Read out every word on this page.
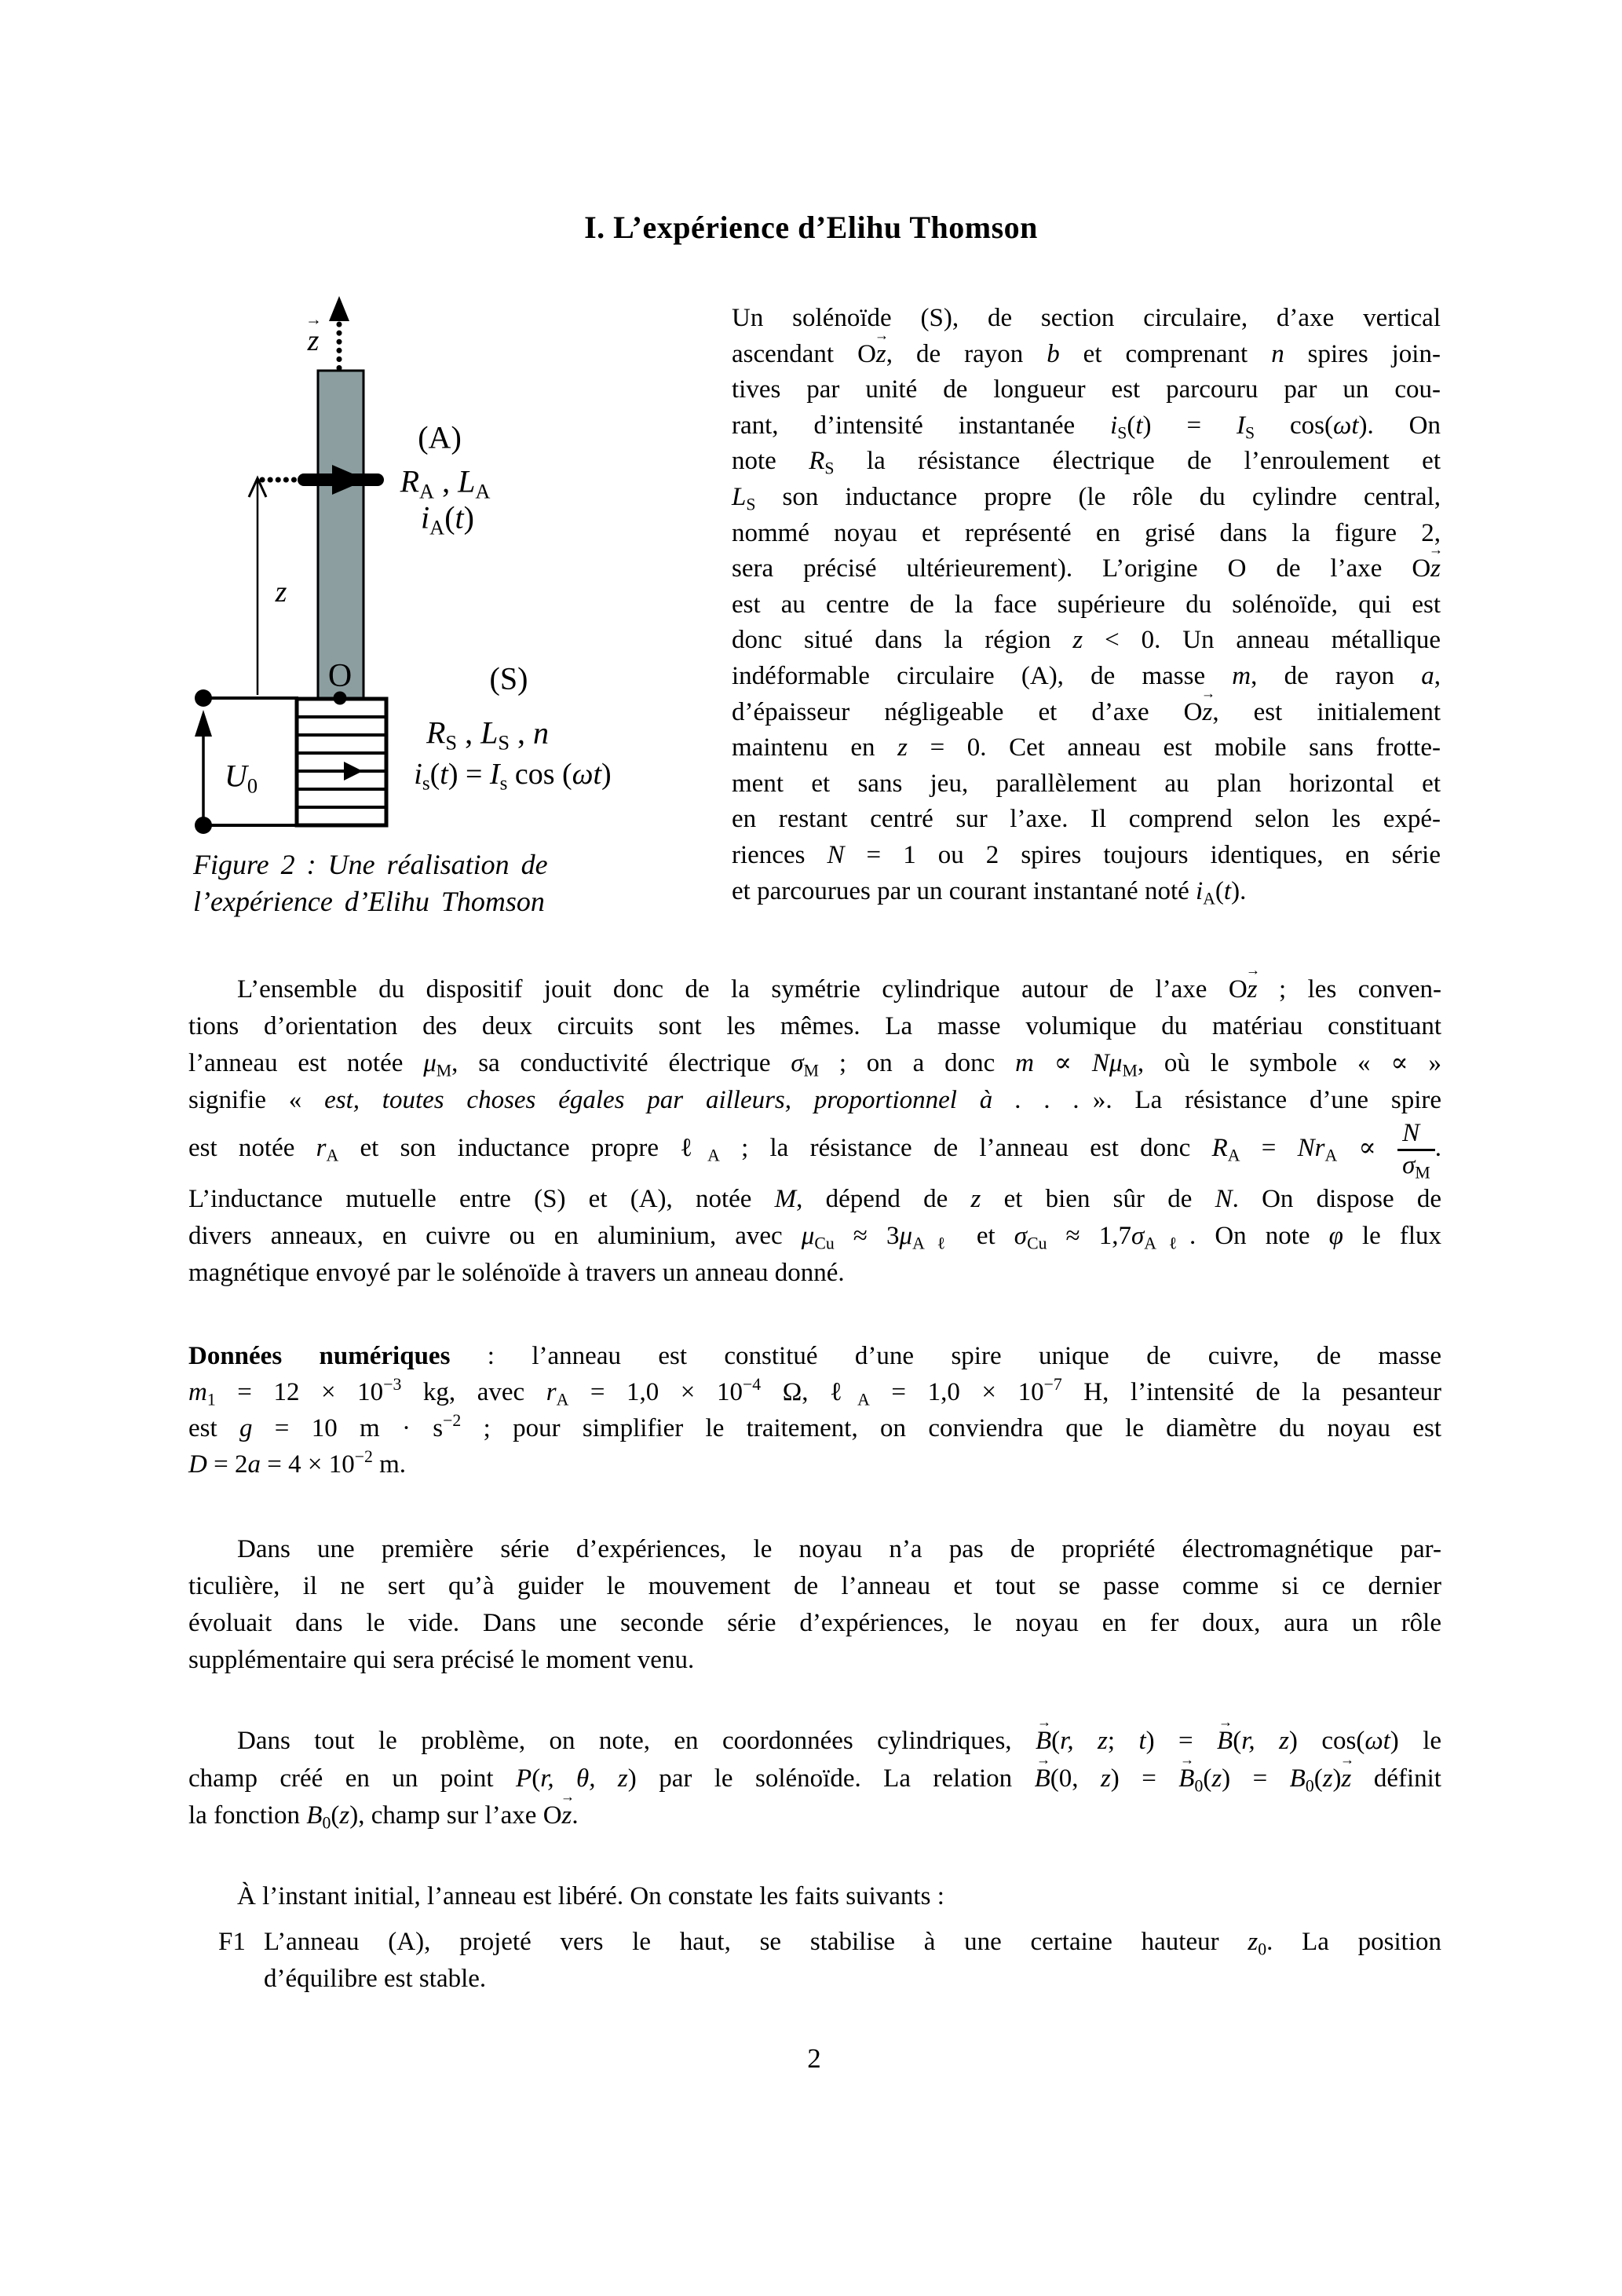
I. L’expérience d’Elihu Thomson
→ z
(A)
$R_A$ , $L_A$
$i_A(t)$
z
O
$U_0$
(S)
$R_S$ , $L_S$ , n
$i_s(t) = I_s$ cos (ωt)
Figure 2 : Une réalisation de
l’expérience d’Elihu Thomson
Un solénoïde (S), de section circulaire, d’axe vertical
ascendant O→ z, de rayon b et comprenant n spires join-
tives par unité de longueur est parcouru par un cou-
rant, d’intensité instantanée $i_S(t) = I_S$ cos(ωt). On
note $R_S$ la résistance électrique de l’enroulement et
$L_S$ son inductance propre (le rôle du cylindre central,
nommé noyau et représenté en grisé dans la figure 2,
sera précisé ultérieurement). L’origine O de l’axe O→ z
est au centre de la face supérieure du solénoïde, qui est
donc situé dans la région z < 0. Un anneau métallique
indéformable circulaire (A), de masse m, de rayon a,
d’épaisseur négligeable et d’axe O→ z, est initialement
maintenu en z = 0. Cet anneau est mobile sans frotte-
ment et sans jeu, parallèlement au plan horizontal et
en restant centré sur l’axe. Il comprend selon les expé-
riences N = 1 ou 2 spires toujours identiques, en série
et parcourues par un courant instantané noté $i_A(t)$.
L’ensemble du dispositif jouit donc de la symétrie cylindrique autour de l’axe O→ z ; les conven-
tions d’orientation des deux circuits sont les mêmes. La masse volumique du matériau constituant
l’anneau est notée $\mu_M$, sa conductivité électrique $\sigma_M$ ; on a donc $m \propto N\mu_M$, où le symbole « ∝ »
signifie « est, toutes choses égales par ailleurs, proportionnel à . . . ». La résistance d’une spire
est notée $r_A$ et son inductance propre ℓ$_A$ ; la résistance de l’anneau est donc $R_A = Nr_A \propto \frac{N}{\sigma_M}$ .
L’inductance mutuelle entre (S) et (A), notée M, dépend de z et bien sûr de N. On dispose de
divers anneaux, en cuivre ou en aluminium, avec $\mu_{Cu} \approx 3\mu_{A\ell}$ et $\sigma_{Cu} \approx 1,7\sigma_{A\ell}$. On note φ le flux
magnétique envoyé par le solénoïde à travers un anneau donné.
Données numériques : l’anneau est constitué d’une spire unique de cuivre, de masse
$m_1 = 12 \times 10^{-3}$ kg, avec $r_A = 1,0 \times 10^{-4}$ Ω, ℓ$_A$ = $1,0 \times 10^{-7}$ H, l’intensité de la pesanteur
est g = 10 $m \cdot s^{-2}$ ; pour simplifier le traitement, on conviendra que le diamètre du noyau est
$D = 2a = 4 \times 10^{-2}$ m.
Dans une première série d’expériences, le noyau n’a pas de propriété électromagnétique par-
ticulière, il ne sert qu’à guider le mouvement de l’anneau et tout se passe comme si ce dernier
évoluait dans le vide. Dans une seconde série d’expériences, le noyau en fer doux, aura un rôle
supplémentaire qui sera précisé le moment venu.
Dans tout le problème, on note, en coordonnées cylindriques, → B(r, z; t) = → B(r, z) cos(ωt) le
champ créé en un point P(r, θ, z) par le solénoïde. La relation → B(0, z) = → $B_0(z) = B_0(z)\to z$ définit
la fonction $B_0(z)$, champ sur l’axe O→ z.
À l’instant initial, l’anneau est libéré. On constate les faits suivants :
F1 L’anneau (A), projeté vers le haut, se stabilise à une certaine hauteur $z_0$. La position
d’équilibre est stable.
2
